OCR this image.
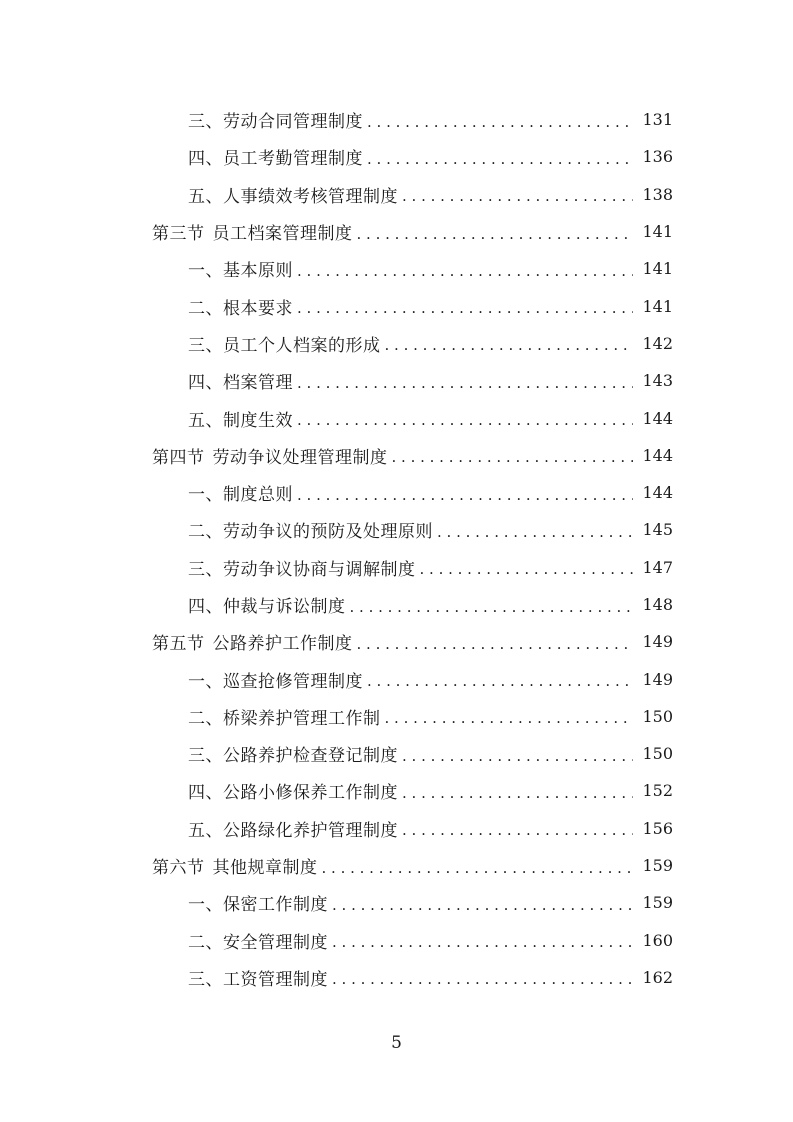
三、劳动合同管理制度 . . .	131
四、员工考勤管理制度 . . .	136
五、人事绩效考核管理制度 . . .	138
第三节 员工档案管理制度 . . .	141
一、基本原则 . . .	141
二、根本要求 . . .	141
三、员工个人档案的形成 . . .	142
四、档案管理 . . .	143
五、制度生效 . . .	144
第四节 劳动争议处理管理制度 . . .	144
一、制度总则 . . .	144
二、劳动争议的预防及处理原则 . . .	145
三、劳动争议协商与调解制度 . . .	147
四、仲裁与诉讼制度 . . .	148
第五节 公路养护工作制度 . . .	149
一、巡查抢修管理制度 . . .	149
二、桥梁养护管理工作制 . . .	150
三、公路养护检查登记制度 . . .	150
四、公路小修保养工作制度 . . .	152
五、公路绿化养护管理制度 . . .	156
第六节 其他规章制度 . . .	159
一、保密工作制度 . . .	159
二、安全管理制度 . . .	160
三、工资管理制度 . . .	162
5
